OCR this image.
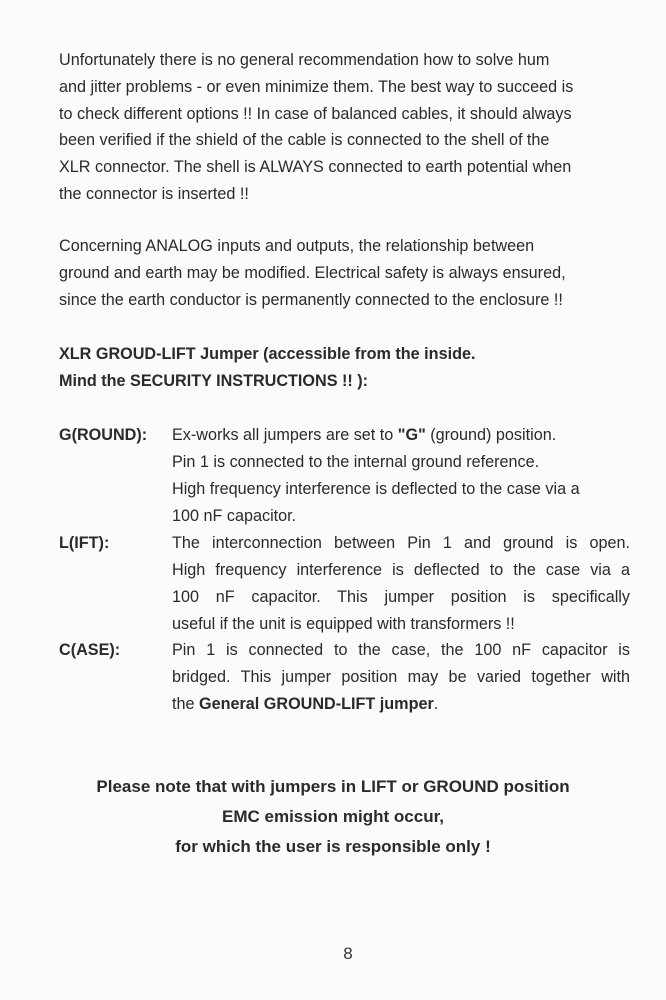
Unfortunately there is no general recommendation how to solve hum
and jitter problems - or even minimize them. The best way to succeed is
to check different options !! In case of balanced cables, it should always
been verified if the shield of the cable is connected to the shell of the
XLR connector. The shell is ALWAYS connected to earth potential when
the connector is inserted !!

Concerning ANALOG inputs and outputs, the relationship between
ground and earth may be modified. Electrical safety is always ensured,
since the earth conductor is permanently connected to the enclosure !!

XLR GROUD-LIFT Jumper (accessible from the inside.
Mind the SECURITY INSTRUCTIONS !! ):

G(ROUND): Ex-works all jumpers are set to "G" (ground) position.
Pin 1 is connected to the internal ground reference.
High frequency interference is deflected to the case via a
100 nF capacitor.
L(IFT):	The interconnection between Pin 1 and ground is open.
High frequency interference is deflected to the case via a
100 nF capacitor. This jumper position is specifically
useful if the unit is equipped with transformers !!
C(ASE):	Pin 1 is connected to the case, the 100 nF capacitor is
bridged. This jumper position may be varied together with
the General GROUND-LIFT jumper.
Please note that with jumpers in LIFT or GROUND position
EMC emission might occur,
for which the user is responsible only !
8
